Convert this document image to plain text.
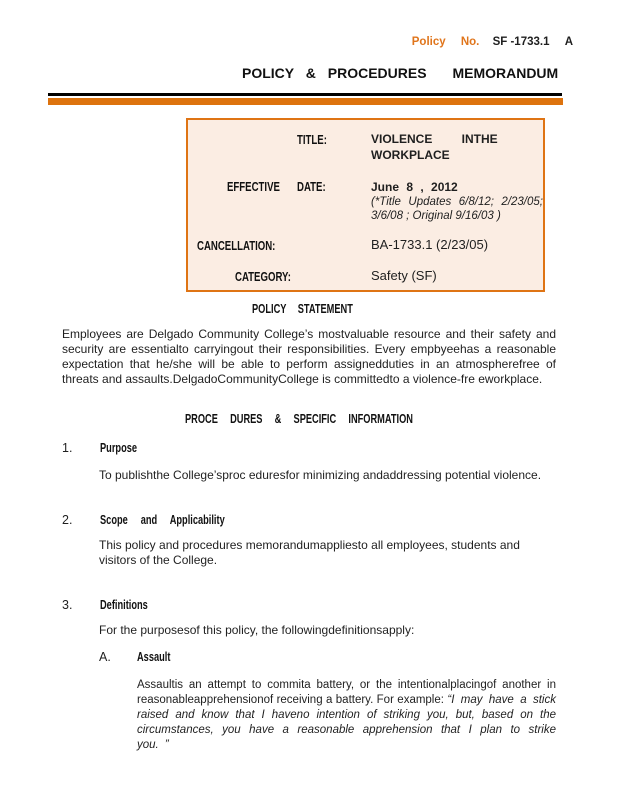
Policy No. SF -1733.1 A
POLICY & PROCEDURES MEMORANDUM
TITLE:	VIOLENCE INTHE WORKPLACE
EFFECTIVE DATE:	June 8 , 2012
(*Title Updates 6/8/12; 2/23/05; 3/6/08 ; Original 9/16/03 )
CANCELLATION:	BA-1733.1 (2/23/05)
CATEGORY:	Safety (SF)
POLICY STATEMENT
Employees are Delgado Community College’s mostvaluable resource and their safety and security are essentialto carryingout their responsibilities. Every empbyeehas a reasonable expectation that he/she will be able to perform assignedduties in an atmospherefree of threats and assaults.DelgadoCommunityCollege is committedto a violence-fre eworkplace.
PROCE DURES & SPECIFIC INFORMATION
1. Purpose
To publishthe College’sproc eduresfor minimizing andaddressing potential violence.
2. Scope and Applicability
This policy and procedures memorandumappliesto all employees, students and visitors of the College.
3. Definitions
For the purposesof this policy, the followingdefinitionsapply:
A. Assault
Assaultis an attempt to commita battery, or the intentionalplacingof another in reasonableapprehensionof receiving a battery. For example: “I may have a stick raised and know that I haveno intention of striking you, but, based on the circumstances, you have a reasonable apprehension that I plan to strike you. ”
